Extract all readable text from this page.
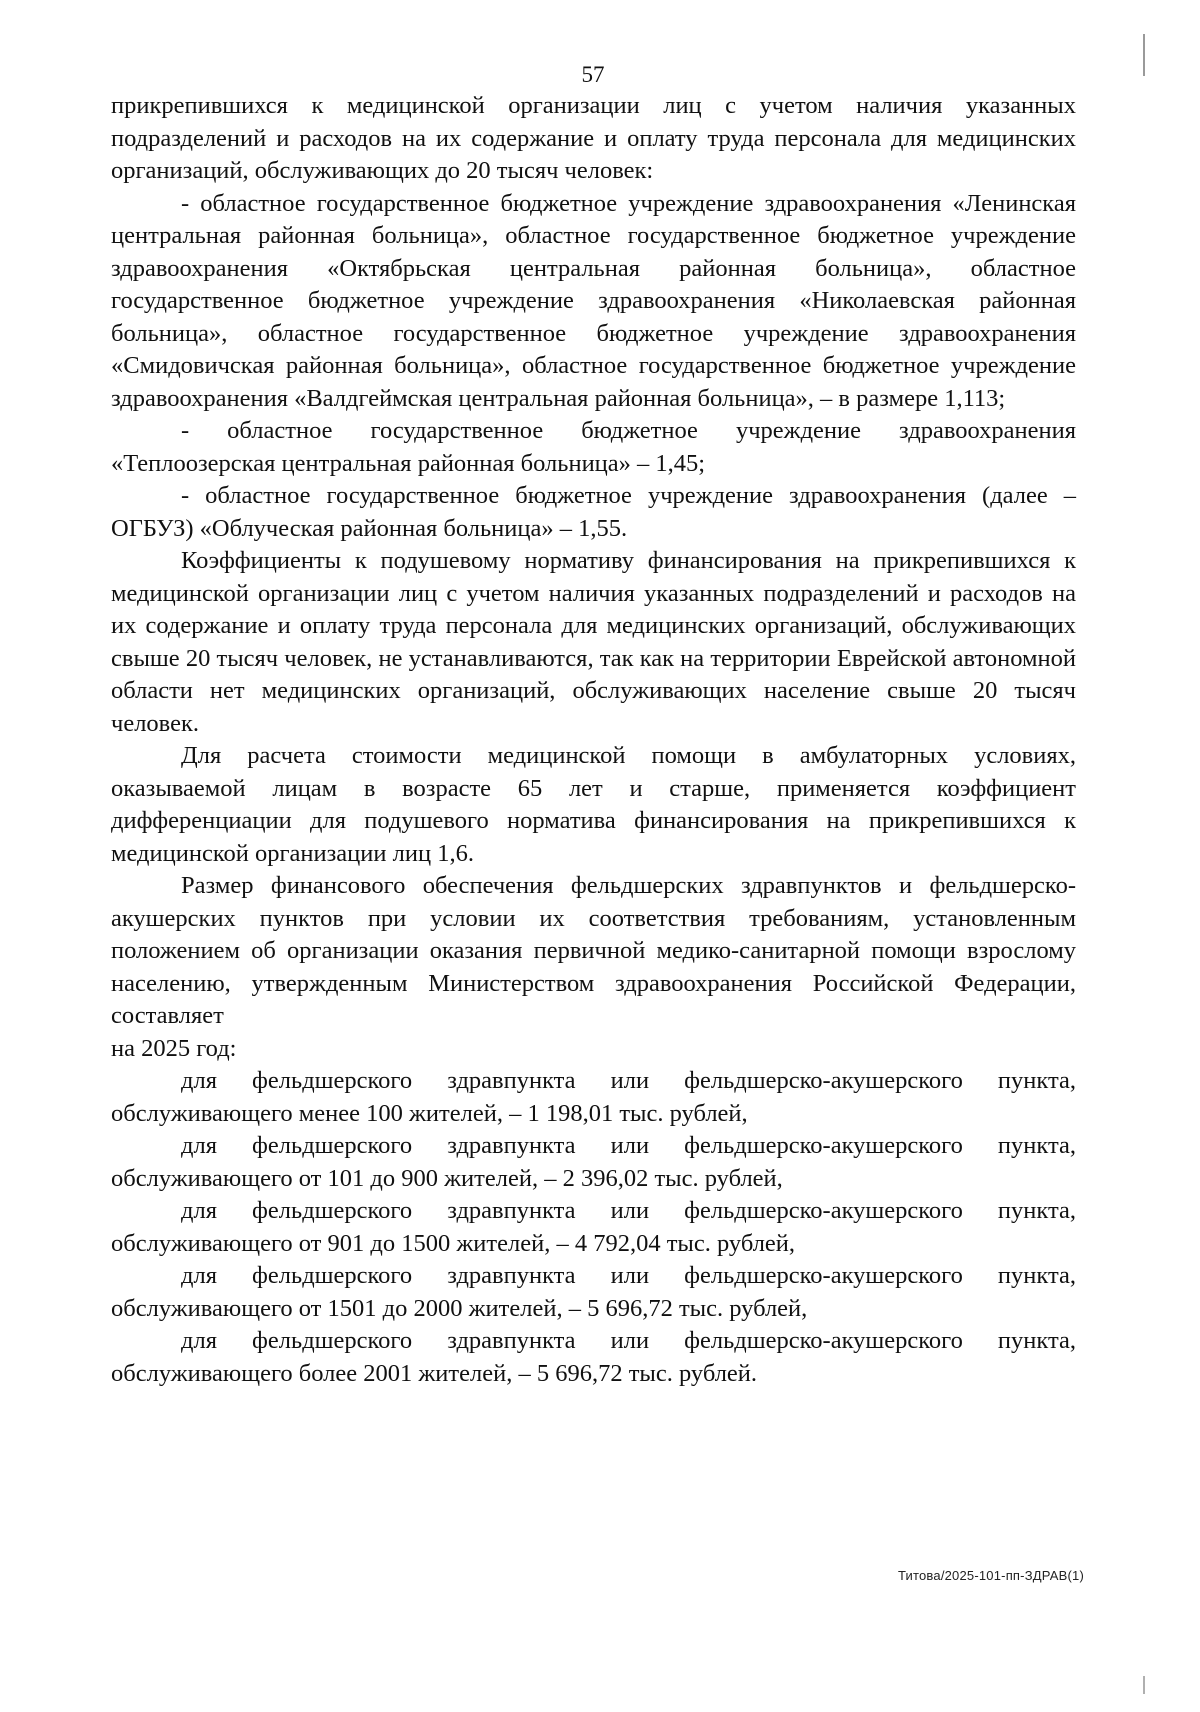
57

прикрепившихся к медицинской организации лиц с учетом наличия указанных подразделений и расходов на их содержание и оплату труда персонала для медицинских организаций, обслуживающих до 20 тысяч человек:

- областное государственное бюджетное учреждение здравоохранения «Ленинская центральная районная больница», областное государственное бюджетное учреждение здравоохранения «Октябрьская центральная районная больница», областное государственное бюджетное учреждение здравоохранения «Николаевская районная больница», областное государственное бюджетное учреждение здравоохранения «Смидовичская районная больница», областное государственное бюджетное учреждение здравоохранения «Валдгеймская центральная районная больница», – в размере 1,113;

- областное государственное бюджетное учреждение здравоохранения «Теплоозерская центральная районная больница» – 1,45;

- областное государственное бюджетное учреждение здравоохранения (далее – ОГБУЗ) «Облуческая районная больница» – 1,55.

Коэффициенты к подушевому нормативу финансирования на прикрепившихся к медицинской организации лиц с учетом наличия указанных подразделений и расходов на их содержание и оплату труда персонала для медицинских организаций, обслуживающих свыше 20 тысяч человек, не устанавливаются, так как на территории Еврейской автономной области нет медицинских организаций, обслуживающих население свыше 20 тысяч человек.

Для расчета стоимости медицинской помощи в амбулаторных условиях, оказываемой лицам в возрасте 65 лет и старше, применяется коэффициент дифференциации для подушевого норматива финансирования на прикрепившихся к медицинской организации лиц 1,6.

Размер финансового обеспечения фельдшерских здравпунктов и фельдшерско-акушерских пунктов при условии их соответствия требованиям, установленным положением об организации оказания первичной медико-санитарной помощи взрослому населению, утвержденным Министерством здравоохранения Российской Федерации, составляет

на 2025 год:

для фельдшерского здравпункта или фельдшерско-акушерского пункта, обслуживающего менее 100 жителей, – 1 198,01 тыс. рублей,

для фельдшерского здравпункта или фельдшерско-акушерского пункта, обслуживающего от 101 до 900 жителей, – 2 396,02 тыс. рублей,

для фельдшерского здравпункта или фельдшерско-акушерского пункта, обслуживающего от 901 до 1500 жителей, – 4 792,04 тыс. рублей,

для фельдшерского здравпункта или фельдшерско-акушерского пункта, обслуживающего от 1501 до 2000 жителей, – 5 696,72 тыс. рублей,

для фельдшерского здравпункта или фельдшерско-акушерского пункта, обслуживающего более 2001 жителей, – 5 696,72 тыс. рублей.

Титова/2025-101-пп-ЗДРАВ(1)
